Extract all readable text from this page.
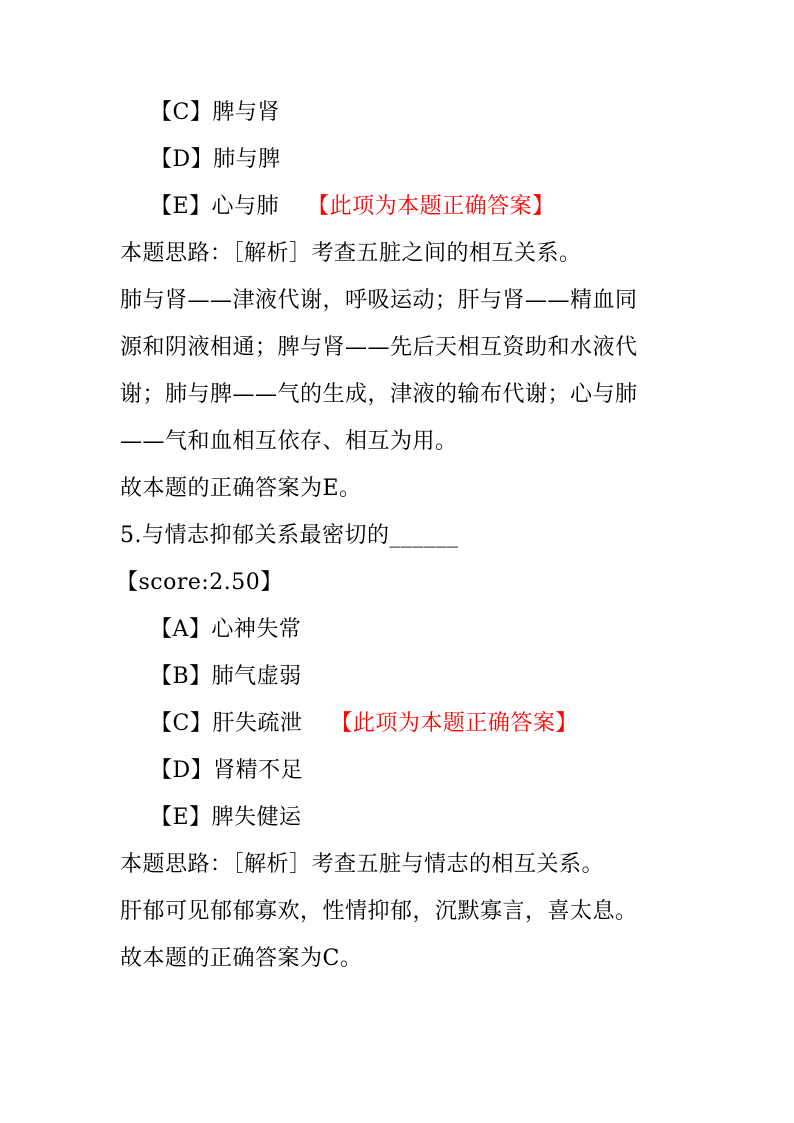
【C】脾与肾
【D】肺与脾
【E】心与肺 【此项为本题正确答案】
本题思路：［解析］考查五脏之间的相互关系。
肺与肾——津液代谢，呼吸运动；肝与肾——精血同
源和阴液相通；脾与肾——先后天相互资助和水液代
谢；肺与脾——气的生成，津液的输布代谢；心与肺
——气和血相互依存、相互为用。
故本题的正确答案为E。
5.与情志抑郁关系最密切的______
【score:2.50】
【A】心神失常
【B】肺气虚弱
【C】肝失疏泄 【此项为本题正确答案】
【D】肾精不足
【E】脾失健运
本题思路：［解析］考查五脏与情志的相互关系。
肝郁可见郁郁寡欢，性情抑郁，沉默寡言，喜太息。
故本题的正确答案为C。
